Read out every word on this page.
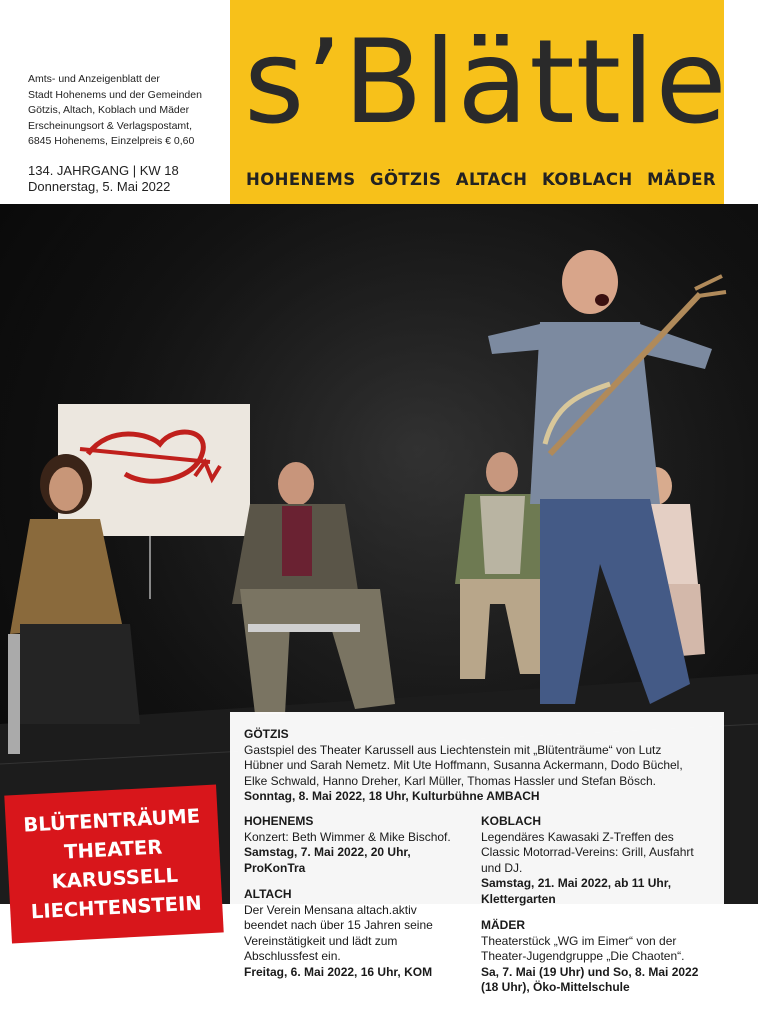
Amts- und Anzeigenblatt der
Stadt Hohenems und der Gemeinden
Götzis, Altach, Koblach und Mäder
Erscheinungsort & Verlagspostamt,
6845 Hohenems, Einzelpreis € 0,60
134. JAHRGANG | KW 18
Donnerstag, 5. Mai 2022
s’Blättle
HOHENEMS GÖTZIS ALTACH KOBLACH MÄDER
GÖTZIS
Gastspiel des Theater Karussell aus Liechtenstein mit „Blütenträume“ von Lutz
Hübner und Sarah Nemetz. Mit Ute Hoffmann, Susanna Ackermann, Dodo Büchel,
Elke Schwald, Hanno Dreher, Karl Müller, Thomas Hassler und Stefan Bösch.
Sonntag, 8. Mai 2022, 18 Uhr, Kulturbühne AMBACH
HOHENEMS
Konzert: Beth Wimmer & Mike Bischof.
Samstag, 7. Mai 2022, 20 Uhr,
ProKonTra
ALTACH
Der Verein Mensana altach.aktiv
beendet nach über 15 Jahren seine
Vereinstätigkeit und lädt zum
Abschlussfest ein.
Freitag, 6. Mai 2022, 16 Uhr, KOM
KOBLACH
Legendäres Kawasaki Z-Treffen des
Classic Motorrad-Vereins: Grill, Ausfahrt
und DJ.
Samstag, 21. Mai 2022, ab 11 Uhr,
Klettergarten
MÄDER
Theaterstück „WG im Eimer“ von der
Theater-Jugendgruppe „Die Chaoten“.
Sa, 7. Mai (19 Uhr) und So, 8. Mai 2022
(18 Uhr), Öko-Mittelschule
BLÜTENTRÄUME
THEATER
KARUSSELL
LIECHTENSTEIN
